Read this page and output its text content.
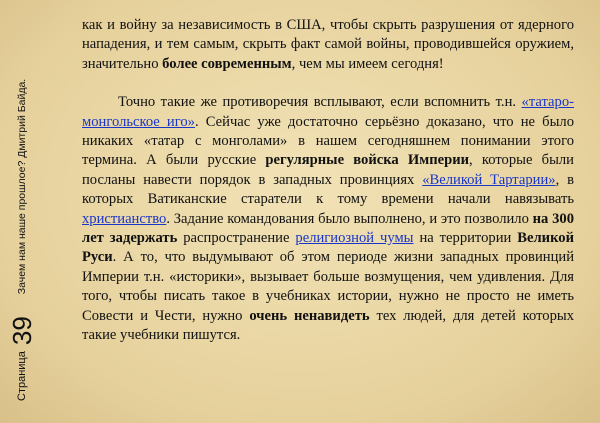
Страница
39
Зачем нам наше прошлое? Дмитрий Байда.

как и войну за независимость в США, чтобы скрыть разрушения от ядерного нападения, и тем самым, скрыть факт самой войны, проводившейся оружием, значительно более современным, чем мы имеем сегодня!

Точно такие же противоречия всплывают, если вспомнить т.н. «татаро-монгольское иго». Сейчас уже достаточно серьёзно доказано, что не было никаких «татар с монголами» в нашем сегодняшнем понимании этого термина. А были русские регулярные войска Империи, которые были посланы навести порядок в западных провинциях «Великой Тартарии», в которых Ватиканские старатели к тому времени начали навязывать христианство. Задание командования было выполнено, и это позволило на 300 лет задержать распространение религиозной чумы на территории Великой Руси. А то, что выдумывают об этом периоде жизни западных провинций Империи т.н. «историки», вызывает больше возмущения, чем удивления. Для того, чтобы писать такое в учебниках истории, нужно не просто не иметь Совести и Чести, нужно очень ненавидеть тех людей, для детей которых такие учебники пишутся.
